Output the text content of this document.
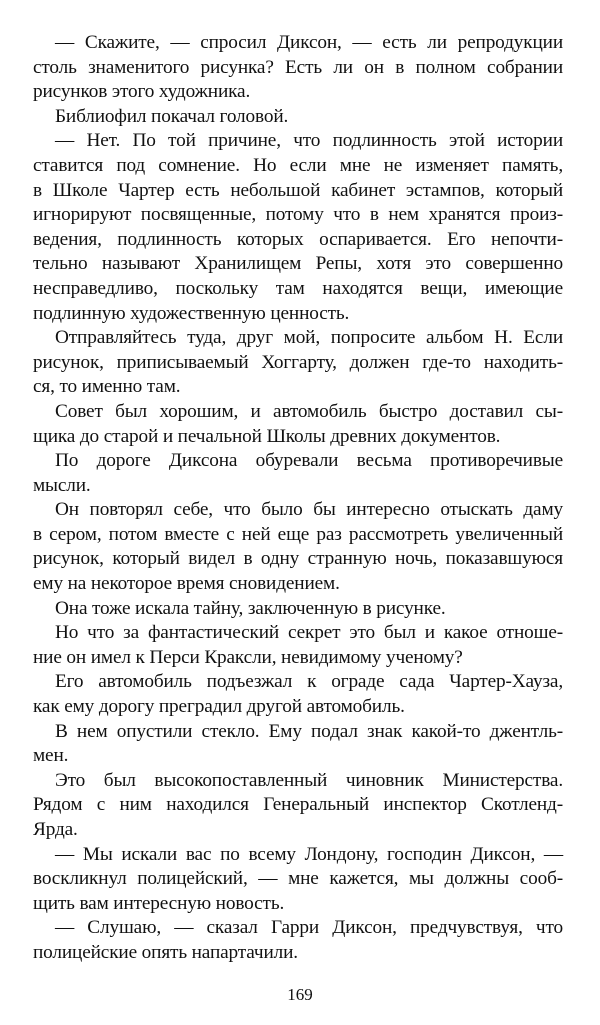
— Скажите, — спросил Диксон, — есть ли репродукции
столь знаменитого рисунка? Есть ли он в полном собрании
рисунков этого художника.
Библиофил покачал головой.
— Нет. По той причине, что подлинность этой истории
ставится под сомнение. Но если мне не изменяет память,
в Школе Чартер есть небольшой кабинет эстампов, который
игнорируют посвященные, потому что в нем хранятся произ-
ведения, подлинность которых оспаривается. Его непочти-
тельно называют Хранилищем Репы, хотя это совершенно
несправедливо, поскольку там находятся вещи, имеющие
подлинную художественную ценность.
Отправляйтесь туда, друг мой, попросите альбом Н. Если
рисунок, приписываемый Хоггарту, должен где-то находить-
ся, то именно там.
Совет был хорошим, и автомобиль быстро доставил сы-
щика до старой и печальной Школы древних документов.
По дороге Диксона обуревали весьма противоречивые
мысли.
Он повторял себе, что было бы интересно отыскать даму
в сером, потом вместе с ней еще раз рассмотреть увеличенный
рисунок, который видел в одну странную ночь, показавшуюся
ему на некоторое время сновидением.
Она тоже искала тайну, заключенную в рисунке.
Но что за фантастический секрет это был и какое отноше-
ние он имел к Перси Краксли, невидимому ученому?
Его автомобиль подъезжал к ограде сада Чартер-Хауза,
как ему дорогу преградил другой автомобиль.
В нем опустили стекло. Ему подал знак какой-то джентль-
мен.
Это был высокопоставленный чиновник Министерства.
Рядом с ним находился Генеральный инспектор Скотленд-
Ярда.
— Мы искали вас по всему Лондону, господин Диксон, —
воскликнул полицейский, — мне кажется, мы должны сооб-
щить вам интересную новость.
— Слушаю, — сказал Гарри Диксон, предчувствуя, что
полицейские опять напартачили.
169
